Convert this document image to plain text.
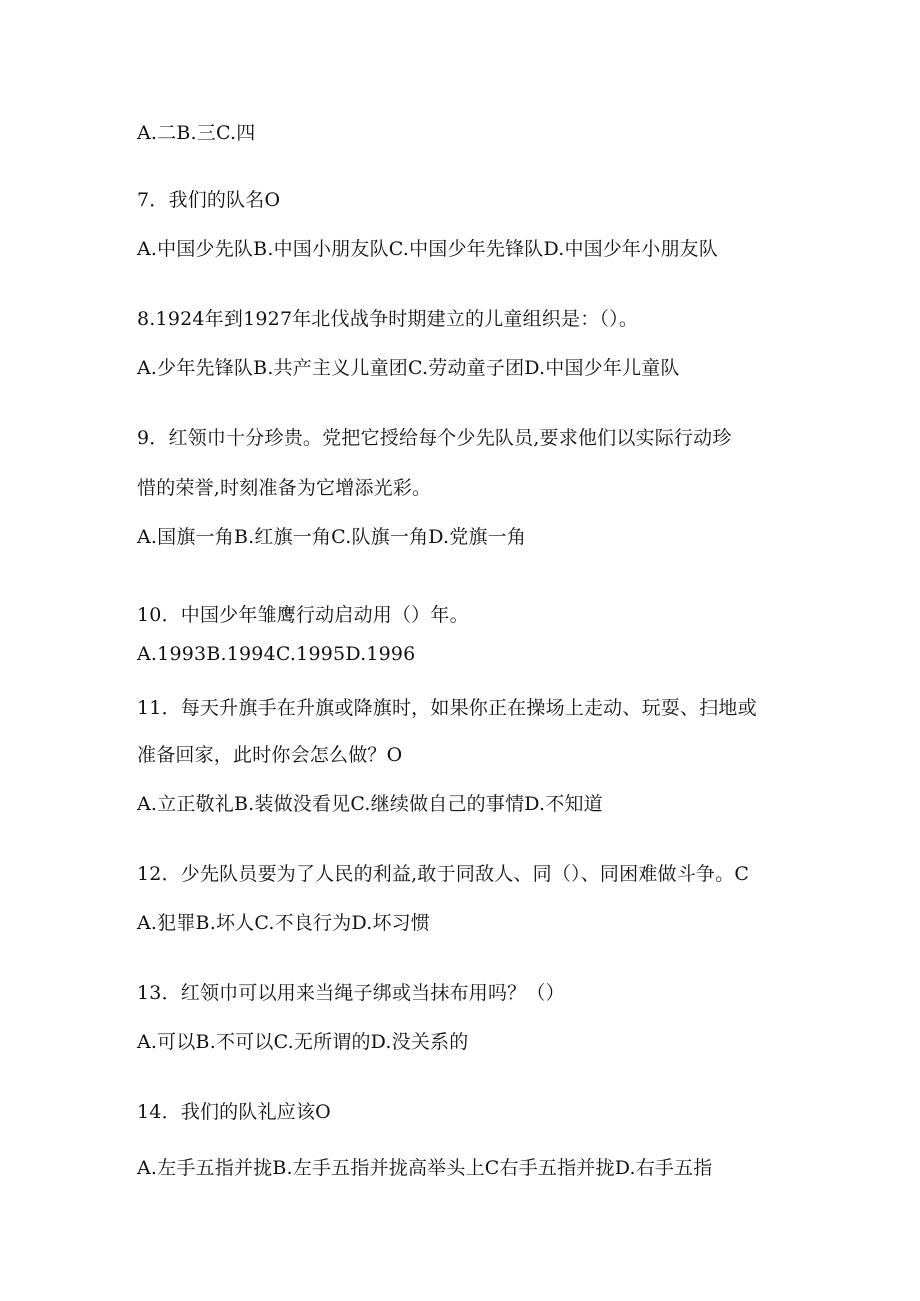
A.二B.三C.四
7．我们的队名O
A.中国少先队B.中国小朋友队C.中国少年先锋队D.中国少年小朋友队
8.1924年到1927年北伐战争时期建立的儿童组织是：（）。
A.少年先锋队B.共产主义儿童团C.劳动童子团D.中国少年儿童队
9．红领巾十分珍贵。党把它授给每个少先队员,要求他们以实际行动珍
惜的荣誉,时刻准备为它增添光彩。
A.国旗一角B.红旗一角C.队旗一角D.党旗一角
10．中国少年雏鹰行动启动用（）年。
A.1993B.1994C.1995D.1996
11．每天升旗手在升旗或降旗时，如果你正在操场上走动、玩耍、扫地或
准备回家，此时你会怎么做？O
A.立正敬礼B.装做没看见C.继续做自己的事情D.不知道
12．少先队员要为了人民的利益,敢于同敌人、同（）、同困难做斗争。C
A.犯罪B.坏人C.不良行为D.坏习惯
13．红领巾可以用来当绳子绑或当抹布用吗？（）
A.可以B.不可以C.无所谓的D.没关系的
14．我们的队礼应该O
A.左手五指并拢B.左手五指并拢高举头上C右手五指并拢D.右手五指
